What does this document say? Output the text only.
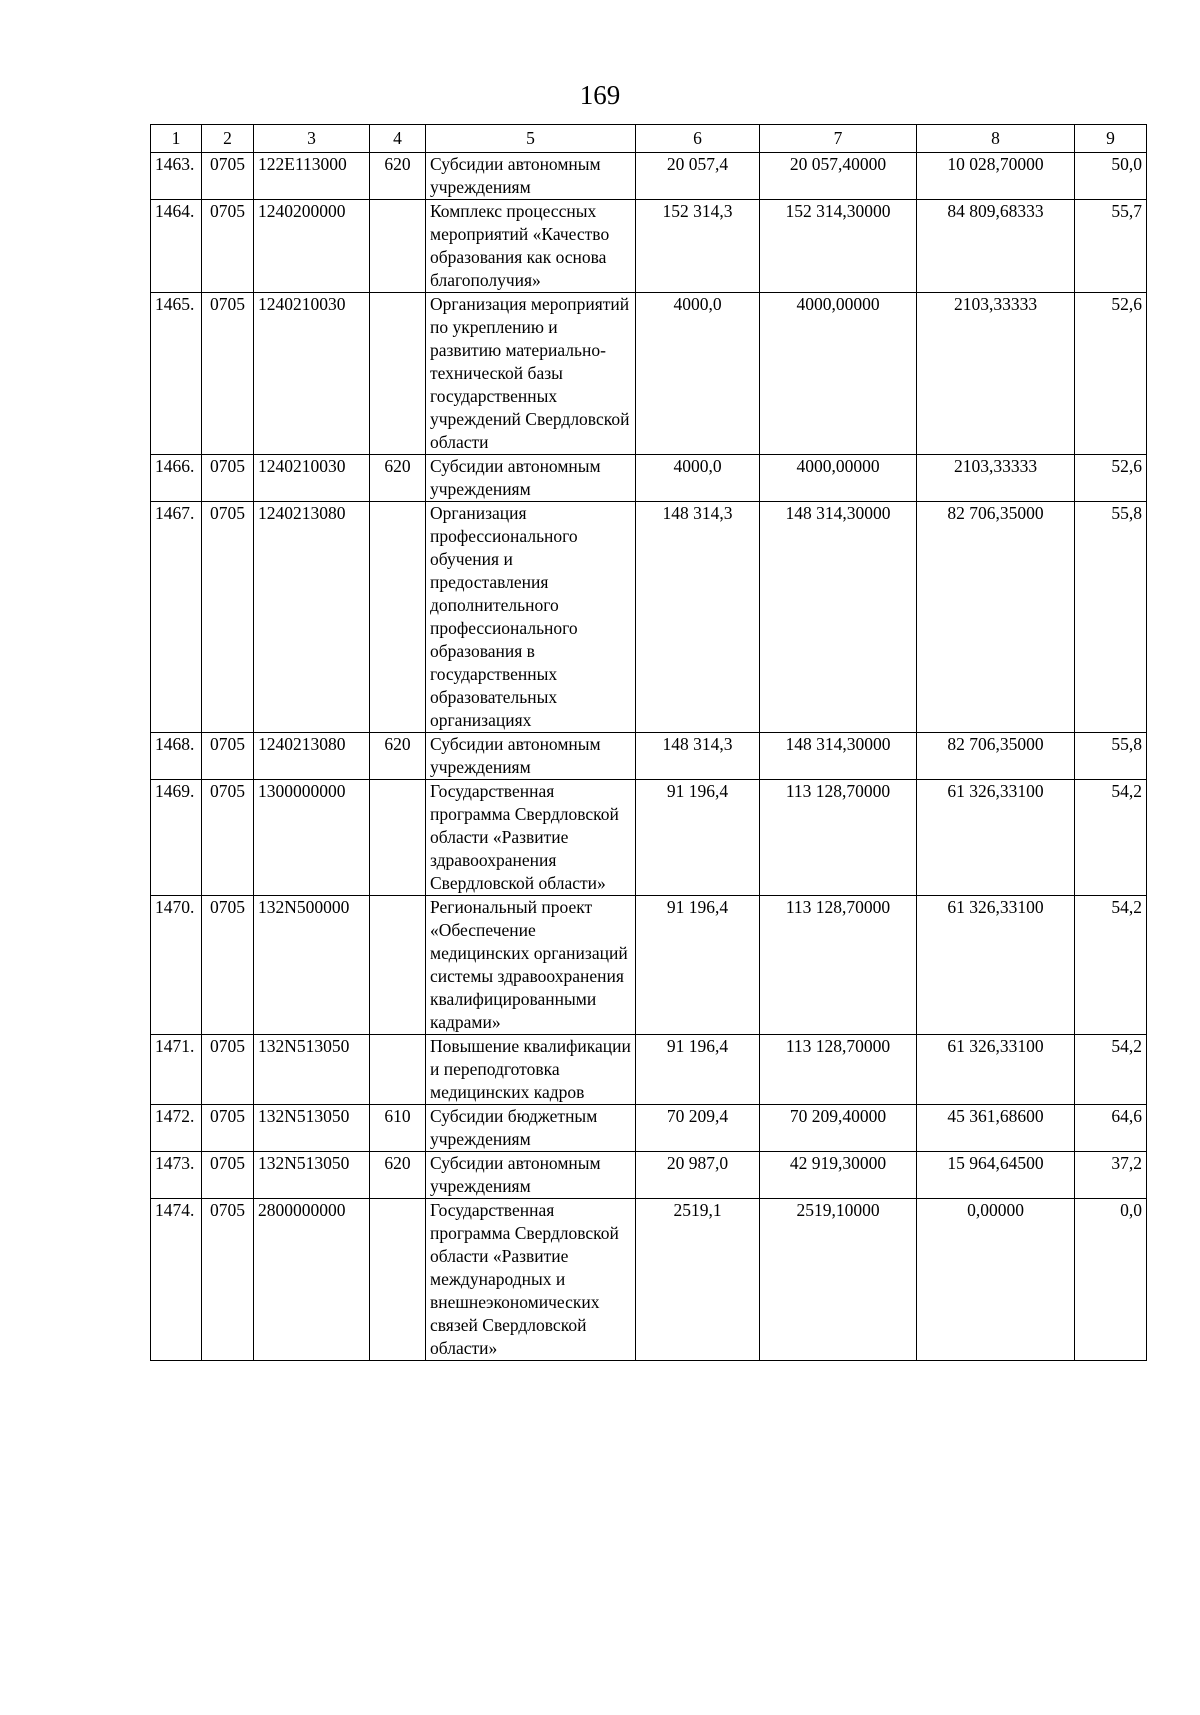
169
1	2	3	4	5	6	7	8	9
1463.	0705	122E113000	620	Субсидии автономным учреждениям	20 057,4	20 057,40000	10 028,70000	50,0
1464.	0705	1240200000		Комплекс процессных мероприятий «Качество образования как основа благополучия»	152 314,3	152 314,30000	84 809,68333	55,7
1465.	0705	1240210030		Организация мероприятий по укреплению и развитию материально-технической базы государственных учреждений Свердловской области	4000,0	4000,00000	2103,33333	52,6
1466.	0705	1240210030	620	Субсидии автономным учреждениям	4000,0	4000,00000	2103,33333	52,6
1467.	0705	1240213080		Организация профессионального обучения и предоставления дополнительного профессионального образования в государственных образовательных организациях	148 314,3	148 314,30000	82 706,35000	55,8
1468.	0705	1240213080	620	Субсидии автономным учреждениям	148 314,3	148 314,30000	82 706,35000	55,8
1469.	0705	1300000000		Государственная программа Свердловской области «Развитие здравоохранения Свердловской области»	91 196,4	113 128,70000	61 326,33100	54,2
1470.	0705	132N500000		Региональный проект «Обеспечение медицинских организаций системы здравоохранения квалифицированными кадрами»	91 196,4	113 128,70000	61 326,33100	54,2
1471.	0705	132N513050		Повышение квалификации и переподготовка медицинских кадров	91 196,4	113 128,70000	61 326,33100	54,2
1472.	0705	132N513050	610	Субсидии бюджетным учреждениям	70 209,4	70 209,40000	45 361,68600	64,6
1473.	0705	132N513050	620	Субсидии автономным учреждениям	20 987,0	42 919,30000	15 964,64500	37,2
1474.	0705	2800000000		Государственная программа Свердловской области «Развитие международных и внешнеэкономических связей Свердловской области»	2519,1	2519,10000	0,00000	0,0
